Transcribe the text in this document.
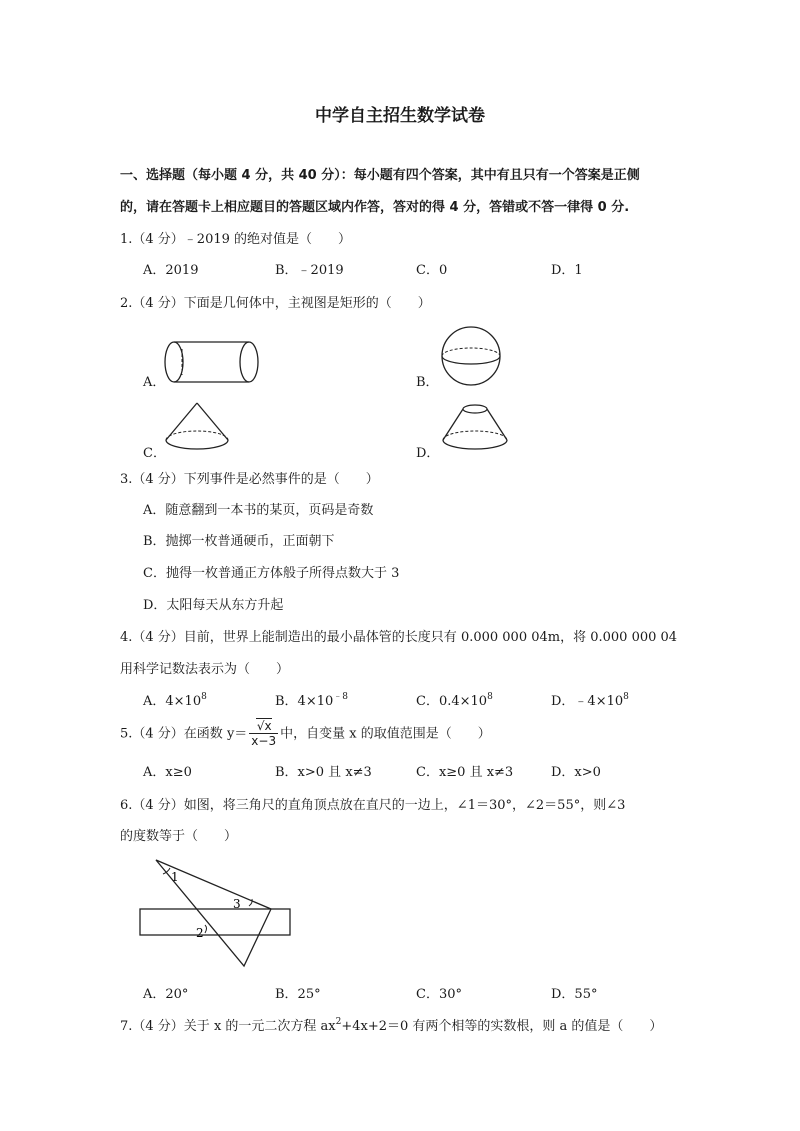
中学自主招生数学试卷
一、选择题（每小题 4 分，共 40 分）：每小题有四个答案，其中有且只有一个答案是正侧
的，请在答题卡上相应题目的答题区域内作答，答对的得 4 分，答错或不答一律得 0 分.
1.（4 分）﹣2019 的绝对值是（　　）
A．2019	B．﹣2019	C．0	D．1
2.（4 分）下面是几何体中，主视图是矩形的（　　）
A．	B．
C．	D．
3.（4 分）下列事件是必然事件的是（　　）
A．随意翻到一本书的某页，页码是奇数
B．抛掷一枚普通硬币，正面朝下
C．抛得一枚普通正方体般子所得点数大于 3
D．太阳每天从东方升起
4.（4 分）目前，世界上能制造出的最小晶体管的长度只有 0.000 000 04m，将 0.000 000 04
用科学记数法表示为（　　）
A．$4\times 10^8$	B．$4\times 10^{﹣8}$	C．$0.4\times 10^8$	D．$﹣4\times 10^8$
5.（4 分）在函数 $y= \frac{√x}{x-3}$ 中，自变量 x 的取值范围是（　　）
A．x≥0	B．x>0 且 x≠3	C．x≥0 且 x≠3	D．x>0
6.（4 分）如图，将三角尺的直角顶点放在直尺的一边上，∠1＝30°，∠2＝55°，则∠3
的度数等于（　　）
1
2
3
A．20°	B．25°	C．30°	D．55°
7.（4 分）关于 x 的一元二次方程 $ax^2+4x+2=0$ 有两个相等的实数根，则 a 的值是（　　）
